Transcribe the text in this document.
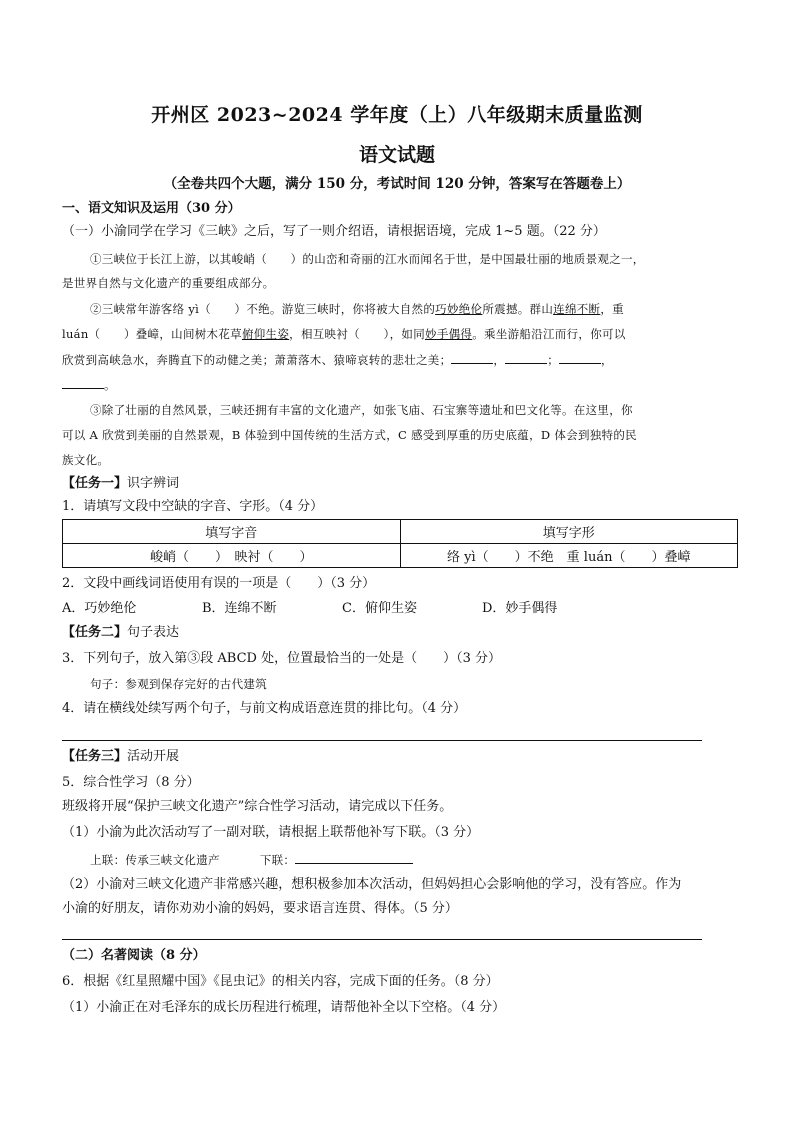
开州区 2023~2024 学年度（上）八年级期末质量监测
语文试题
（全卷共四个大题，满分 150 分，考试时间 120 分钟，答案写在答题卷上）
一、语文知识及运用（30 分）
（一）小渝同学在学习《三峡》之后，写了一则介绍语，请根据语境，完成 1~5 题。（22 分）
①三峡位于长江上游，以其峻峭（　　）的山峦和奇丽的江水而闻名于世，是中国最壮丽的地质景观之一，
是世界自然与文化遗产的重要组成部分。
②三峡常年游客络 yì（　　）不绝。游览三峡时，你将被大自然的巧妙绝伦所震撼。群山连绵不断，重
luán（　　）叠嶂，山间树木花草俯仰生姿，相互映衬（　　），如同妙手偶得。乘坐游船沿江而行，你可以
欣赏到高峡急水，奔腾直下的动健之美；萧萧落木、猿啼哀转的悲壮之美；	，	；	，
。
③除了壮丽的自然风景，三峡还拥有丰富的文化遗产，如张飞庙、石宝寨等遗址和巴文化等。在这里，你
可以 A 欣赏到美丽的自然景观，B 体验到中国传统的生活方式，C 感受到厚重的历史底蕴，D 体会到独特的民
族文化。
【任务一】识字辨词
1．请填写文段中空缺的字音、字形。（4 分）
填写字音	填写字形
峻峭（　　）　映衬（　　）	络 yì（　　）不绝　重 luán（　　）叠嶂
2．文段中画线词语使用有误的一项是（　　）（3 分）
A．巧妙绝伦	B．连绵不断	C．俯仰生姿	D．妙手偶得
【任务二】句子表达
3．下列句子，放入第③段 ABCD 处，位置最恰当的一处是（　　）（3 分）
句子：参观到保存完好的古代建筑
4．请在横线处续写两个句子，与前文构成语意连贯的排比句。（4 分）
【任务三】活动开展
5．综合性学习（8 分）
班级将开展“保护三峡文化遗产”综合性学习活动，请完成以下任务。
（1）小渝为此次活动写了一副对联，请根据上联帮他补写下联。（3 分）
上联：传承三峡文化遗产	下联：
（2）小渝对三峡文化遗产非常感兴趣，想积极参加本次活动，但妈妈担心会影响他的学习，没有答应。作为
小渝的好朋友，请你劝劝小渝的妈妈，要求语言连贯、得体。（5 分）
（二）名著阅读（8 分）
6．根据《红星照耀中国》《昆虫记》的相关内容，完成下面的任务。（8 分）
（1）小渝正在对毛泽东的成长历程进行梳理，请帮他补全以下空格。（4 分）
